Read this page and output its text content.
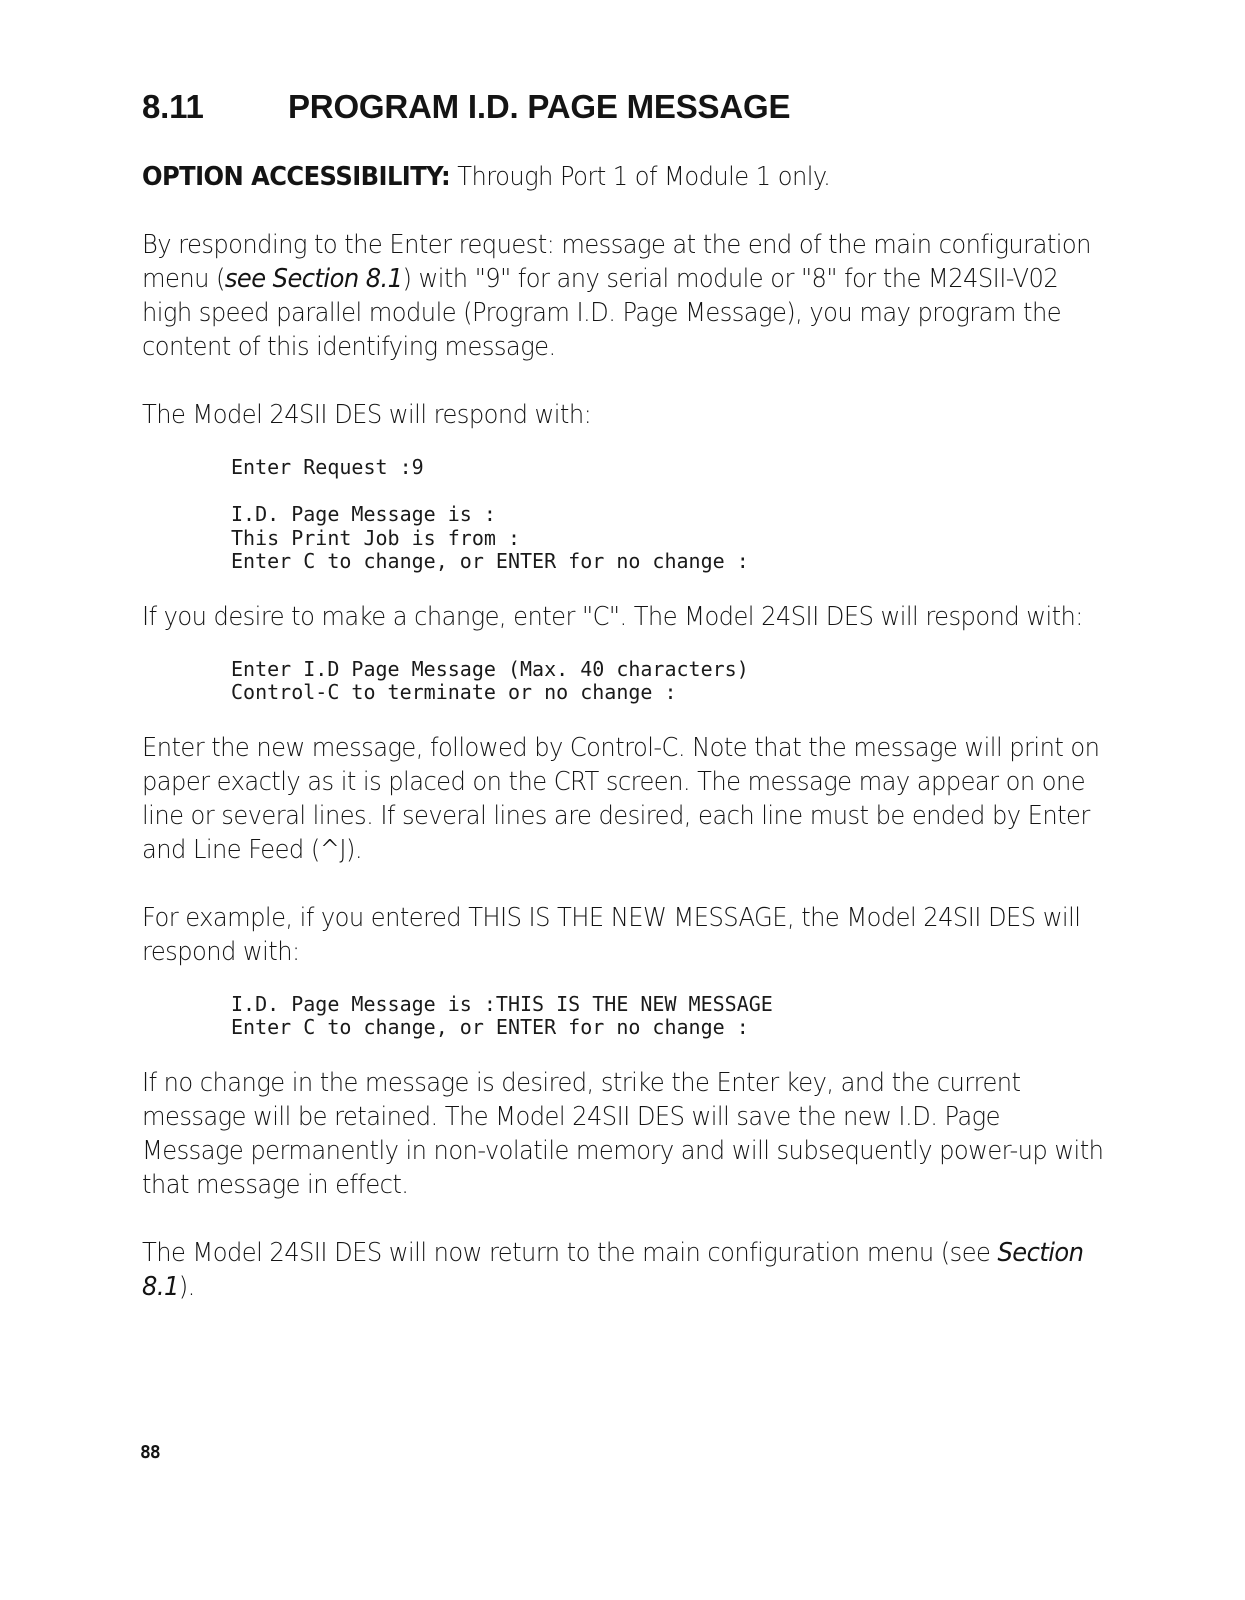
8.11	PROGRAM I.D. PAGE MESSAGE

OPTION ACCESSIBILITY: Through Port 1 of Module 1 only.

By responding to the Enter request: message at the end of the main configuration menu (see Section 8.1) with "9" for any serial module or "8" for the M24SII-V02 high speed parallel module (Program I.D. Page Message), you may program the content of this identifying message.

The Model 24SII DES will respond with:

Enter Request :9

I.D. Page Message is :
This Print Job is from :
Enter C to change, or ENTER for no change :

If you desire to make a change, enter "C". The Model 24SII DES will respond with:

Enter I.D Page Message (Max. 40 characters)
Control-C to terminate or no change :

Enter the new message, followed by Control-C. Note that the message will print on paper exactly as it is placed on the CRT screen. The message may appear on one line or several lines. If several lines are desired, each line must be ended by Enter and Line Feed (^J).

For example, if you entered THIS IS THE NEW MESSAGE, the Model 24SII DES will respond with:

I.D. Page Message is :THIS IS THE NEW MESSAGE
Enter C to change, or ENTER for no change :

If no change in the message is desired, strike the Enter key, and the current message will be retained. The Model 24SII DES will save the new I.D. Page Message permanently in non-volatile memory and will subsequently power-up with that message in effect.

The Model 24SII DES will now return to the main configuration menu (see Section 8.1).

88
